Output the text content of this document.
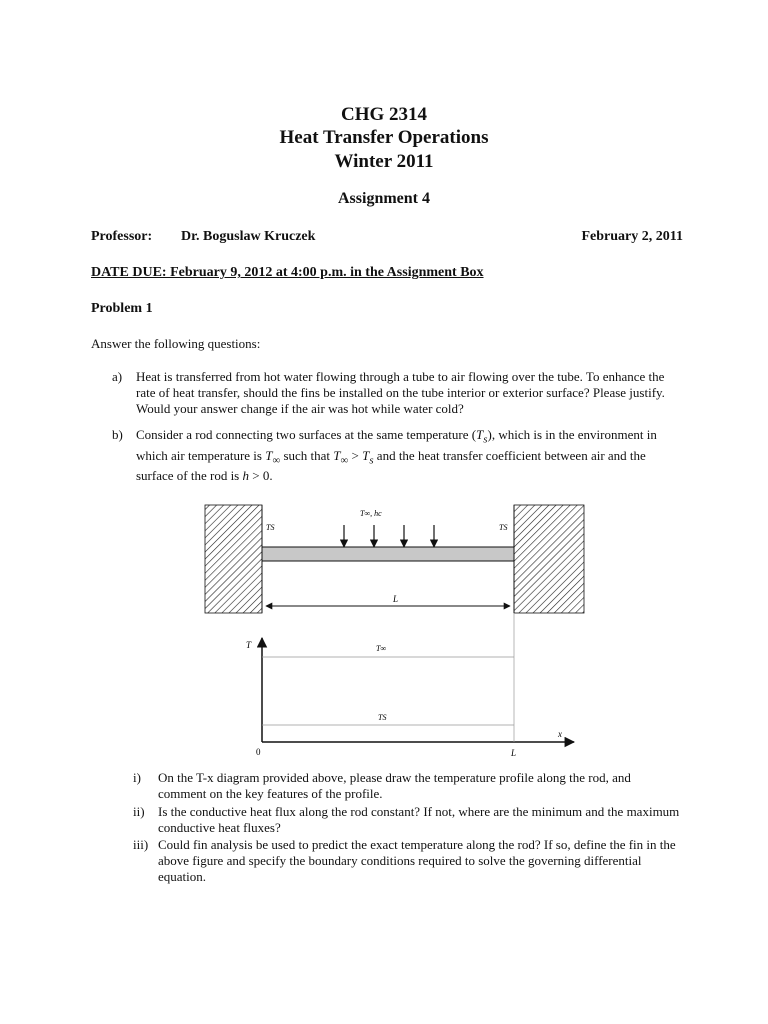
CHG 2314
Heat Transfer Operations
Winter 2011
Assignment 4
Professor: Dr. Boguslaw Kruczek	February 2, 2011
DATE DUE: February 9, 2012 at 4:00 p.m. in the Assignment Box
Problem 1
Answer the following questions:
a) Heat is transferred from hot water flowing through a tube to air flowing over the tube. To enhance the rate of heat transfer, should the fins be installed on the tube interior or exterior surface? Please justify. Would your answer change if the air was hot while water cold?
b) Consider a rod connecting two surfaces at the same temperature $(T_s)$, which is in the environment in which air temperature is $T_\infty$ such that $T_\infty > T_s$ and the heat transfer coefficient between air and the surface of the rod is h > 0.
T∞, hc
TS	TS
L
T
x
0	L
T∞
TS
i) On the T-x diagram provided above, please draw the temperature profile along the rod, and comment on the key features of the profile.
ii) Is the conductive heat flux along the rod constant? If not, where are the minimum and the maximum conductive heat fluxes?
iii) Could fin analysis be used to predict the exact temperature along the rod? If so, define the fin in the above figure and specify the boundary conditions required to solve the governing differential equation.
